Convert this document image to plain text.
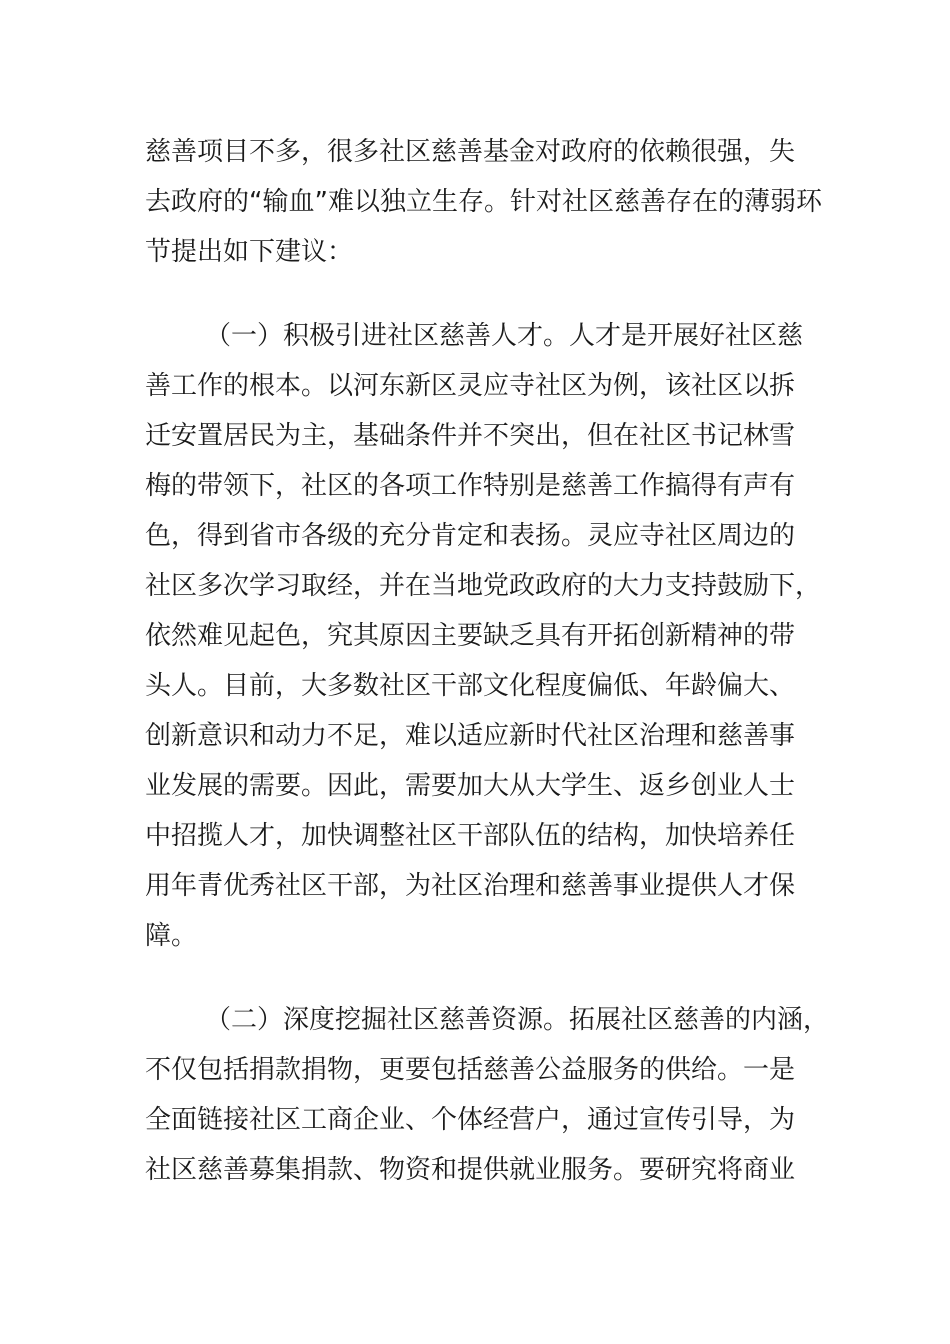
慈善项目不多，很多社区慈善基金对政府的依赖很强，失
去政府的“输血”难以独立生存。针对社区慈善存在的薄弱环
节提出如下建议：
（一）积极引进社区慈善人才。人才是开展好社区慈
善工作的根本。以河东新区灵应寺社区为例，该社区以拆
迁安置居民为主，基础条件并不突出，但在社区书记林雪
梅的带领下，社区的各项工作特别是慈善工作搞得有声有
色，得到省市各级的充分肯定和表扬。灵应寺社区周边的
社区多次学习取经，并在当地党政政府的大力支持鼓励下，
依然难见起色，究其原因主要缺乏具有开拓创新精神的带
头人。目前，大多数社区干部文化程度偏低、年龄偏大、
创新意识和动力不足，难以适应新时代社区治理和慈善事
业发展的需要。因此，需要加大从大学生、返乡创业人士
中招揽人才，加快调整社区干部队伍的结构，加快培养任
用年青优秀社区干部，为社区治理和慈善事业提供人才保
障。
（二）深度挖掘社区慈善资源。拓展社区慈善的内涵，
不仅包括捐款捐物，更要包括慈善公益服务的供给。一是
全面链接社区工商企业、个体经营户，通过宣传引导，为
社区慈善募集捐款、物资和提供就业服务。要研究将商业
